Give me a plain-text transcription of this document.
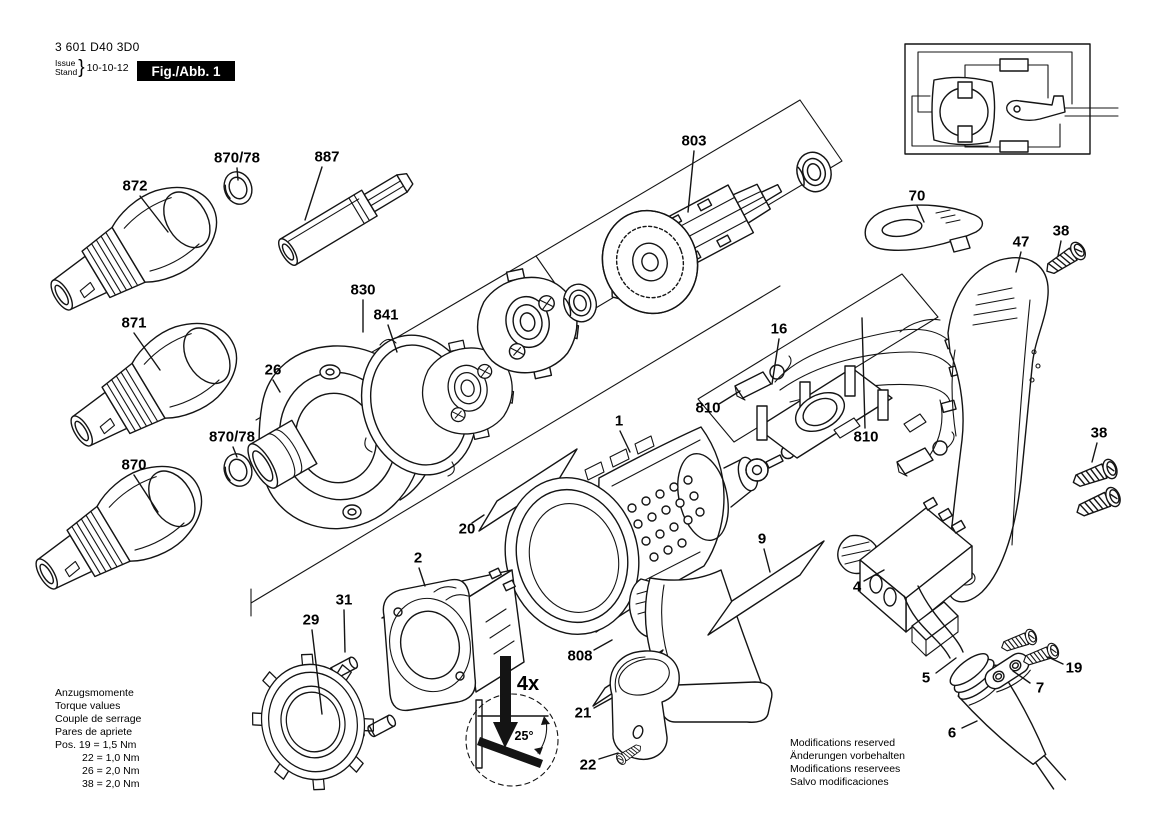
3 601 D40 3D0
Issue
Stand } 10-10-12	Fig./Abb. 1
Anzugsmomente
Torque values
Couple de serrage
Pares de apriete
Pos. 19 = 1,5 Nm
22 = 1,0 Nm
26 = 2,0 Nm
38 = 2,0 Nm
Modifications reserved
Änderungen vorbehalten
Modifications reservees
Salvo modificaciones
872
870/78	887
830
841
803
70
47
38
871
26
870/78
870
16
810
810	38
1
20
2
31
29
9
4
808
21
22
5
6
7
19
4x
25°
